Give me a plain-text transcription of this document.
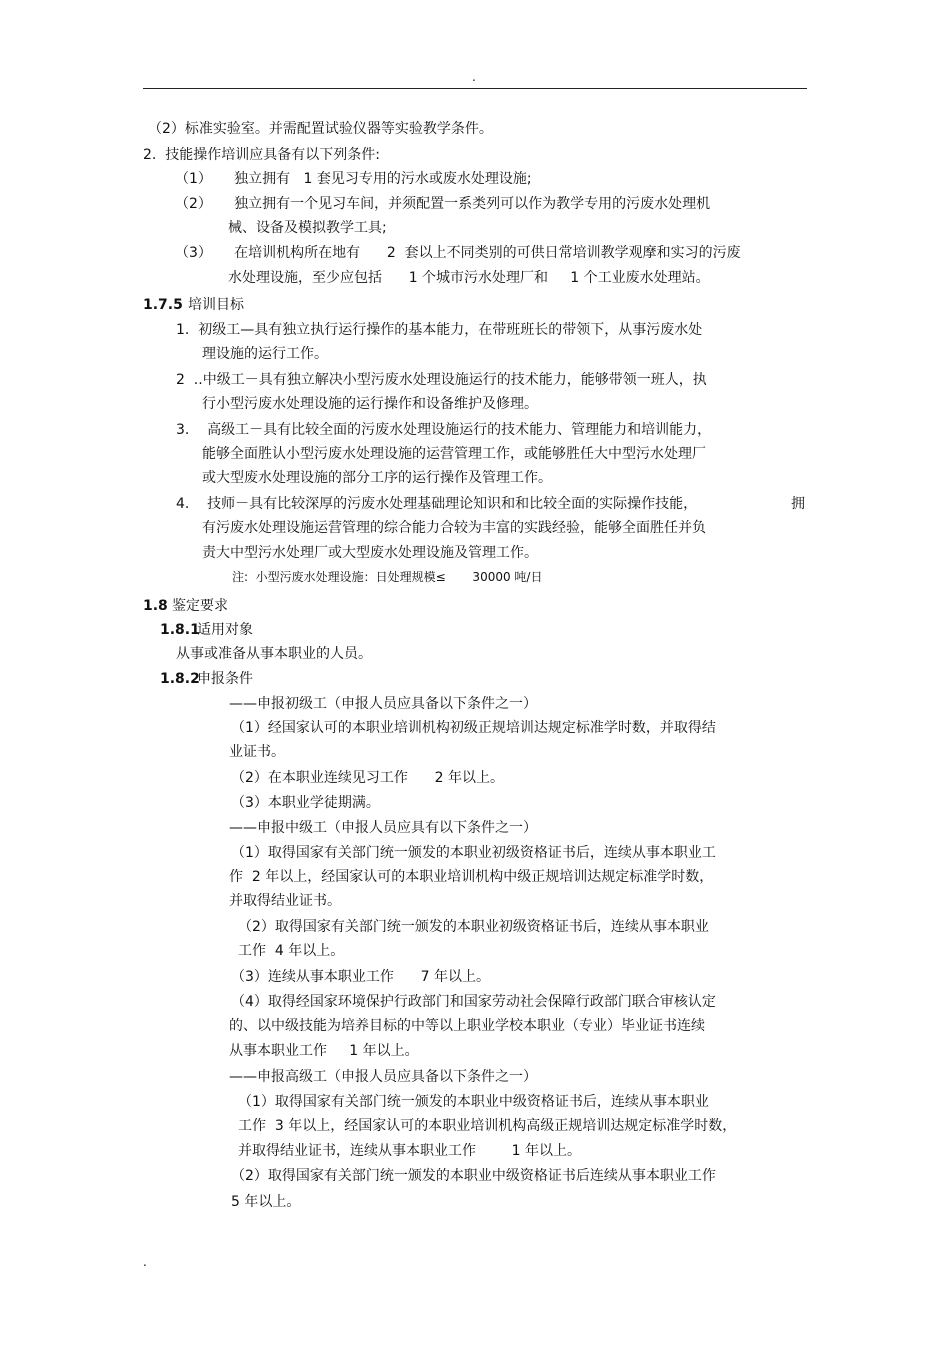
.
（2）标准实验室。并需配置试验仪器等实验教学条件。
2.  技能操作培训应具备有以下列条件:
（1）     独立拥有   1 套见习专用的污水或废水处理设施;
（2）     独立拥有一个见习车间，并须配置一系类列可以作为教学专用的污废水处理机
械、设备及模拟教学工具;
（3）     在培训机构所在地有      2  套以上不同类别的可供日常培训教学观摩和实习的污废
水处理设施，至少应包括      1 个城市污水处理厂和     1 个工业废水处理站。
1.7.5 培训目标
1.  初级工—具有独立执行运行操作的基本能力，在带班班长的带领下，从事污废水处
理设施的运行工作。
2  ..中级工－具有独立解决小型污废水处理设施运行的技术能力，能够带领一班人，执
行小型污废水处理设施的运行操作和设备维护及修理。
3.    高级工－具有比较全面的污废水处理设施运行的技术能力、管理能力和培训能力，
能够全面胜认小型污废水处理设施的运营管理工作，或能够胜任大中型污水处理厂
或大型废水处理设施的部分工序的运行操作及管理工作。
4.    技师－具有比较深厚的污废水处理基础理论知识和和比较全面的实际操作技能，	拥
有污废水处理设施运营管理的综合能力合较为丰富的实践经验，能够全面胜任并负
责大中型污水处理厂或大型废水处理设施及管理工作。
注:  小型污废水处理设施：日处理规模≤       30000 吨/日
1.8 鉴定要求
1.8.1
适用对象
从事或准备从事本职业的人员。
1.8.2
申报条件
——申报初级工（申报人员应具备以下条件之一）
（1）经国家认可的本职业培训机构初级正规培训达规定标准学时数，并取得结
业证书。
（2）在本职业连续见习工作      2 年以上。
（3）本职业学徒期满。
——申报中级工（申报人员应具有以下条件之一）
（1）取得国家有关部门统一颁发的本职业初级资格证书后，连续从事本职业工
作  2 年以上，经国家认可的本职业培训机构中级正规培训达规定标准学时数，
并取得结业证书。
（2）取得国家有关部门统一颁发的本职业初级资格证书后，连续从事本职业
工作  4 年以上。
（3）连续从事本职业工作      7 年以上。
（4）取得经国家环境保护行政部门和国家劳动社会保障行政部门联合审核认定
的、以中级技能为培养目标的中等以上职业学校本职业（专业）毕业证书连续
从事本职业工作     1 年以上。
——申报高级工（申报人员应具备以下条件之一）
（1）取得国家有关部门统一颁发的本职业中级资格证书后，连续从事本职业
工作  3 年以上，经国家认可的本职业培训机构高级正规培训达规定标准学时数，
并取得结业证书，连续从事本职业工作        1 年以上。
（2）取得国家有关部门统一颁发的本职业中级资格证书后连续从事本职业工作
5 年以上。
.
